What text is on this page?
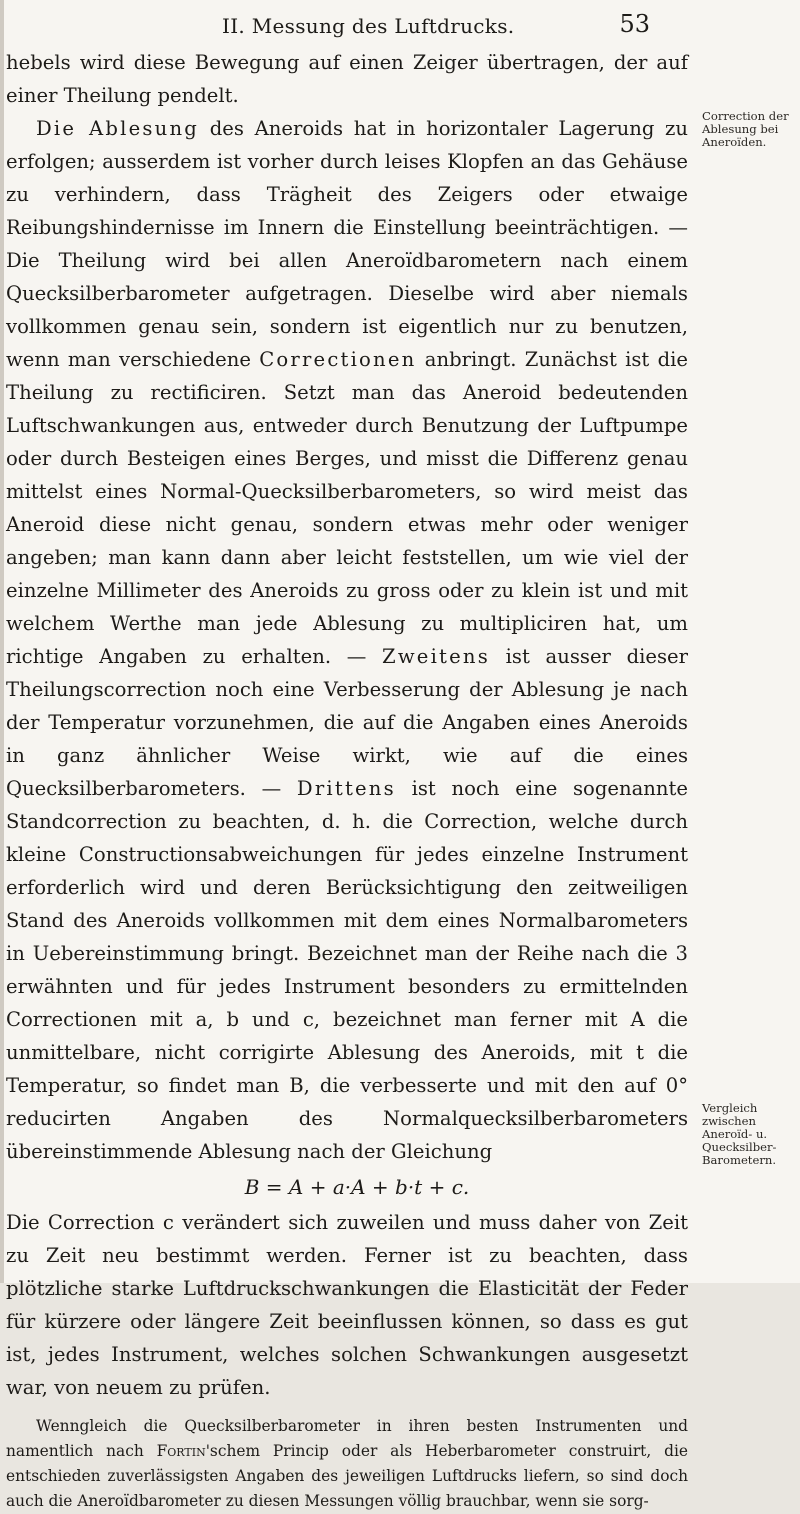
II. Messung des Luftdrucks.	53

hebels wird diese Bewegung auf einen Zeiger übertragen, der auf einer Theilung pendelt.

Die Ablesung des Aneroids hat in horizontaler Lagerung zu erfolgen; ausserdem ist vorher durch leises Klopfen an das Gehäuse zu verhindern, dass Trägheit des Zeigers oder etwaige Reibungshindernisse im Innern die Einstellung beeinträchtigen. — Die Theilung wird bei allen Aneroïdbarometern nach einem Quecksilberbarometer aufgetragen. Dieselbe wird aber niemals vollkommen genau sein, sondern ist eigentlich nur zu benutzen, wenn man verschiedene Correctionen anbringt. Zunächst ist die Theilung zu rectificiren. Setzt man das Aneroid bedeutenden Luftschwankungen aus, entweder durch Benutzung der Luftpumpe oder durch Besteigen eines Berges, und misst die Differenz genau mittelst eines Normal-Quecksilberbarometers, so wird meist das Aneroid diese nicht genau, sondern etwas mehr oder weniger angeben; man kann dann aber leicht feststellen, um wie viel der einzelne Millimeter des Aneroids zu gross oder zu klein ist und mit welchem Werthe man jede Ablesung zu multipliciren hat, um richtige Angaben zu erhalten. — Zweitens ist ausser dieser Theilungscorrection noch eine Verbesserung der Ablesung je nach der Temperatur vorzunehmen, die auf die Angaben eines Aneroids in ganz ähnlicher Weise wirkt, wie auf die eines Quecksilberbarometers. — Drittens ist noch eine sogenannte Standcorrection zu beachten, d. h. die Correction, welche durch kleine Constructionsabweichungen für jedes einzelne Instrument erforderlich wird und deren Berücksichtigung den zeitweiligen Stand des Aneroids vollkommen mit dem eines Normalbarometers in Uebereinstimmung bringt. Bezeichnet man der Reihe nach die 3 erwähnten und für jedes Instrument besonders zu ermittelnden Correctionen mit a, b und c, bezeichnet man ferner mit A die unmittelbare, nicht corrigirte Ablesung des Aneroids, mit t die Temperatur, so findet man B, die verbesserte und mit den auf 0° reducirten Angaben des Normalquecksilberbarometers übereinstimmende Ablesung nach der Gleichung

B = A + a·A + b·t + c.

Die Correction c verändert sich zuweilen und muss daher von Zeit zu Zeit neu bestimmt werden. Ferner ist zu beachten, dass plötzliche starke Luftdruckschwankungen die Elasticität der Feder für kürzere oder längere Zeit beeinflussen können, so dass es gut ist, jedes Instrument, welches solchen Schwankungen ausgesetzt war, von neuem zu prüfen.

Wenngleich die Quecksilberbarometer in ihren besten Instrumenten und namentlich nach Fortin'schem Princip oder als Heberbarometer construirt, die entschieden zuverlässigsten Angaben des jeweiligen Luftdrucks liefern, so sind doch auch die Aneroïdbarometer zu diesen Messungen völlig brauchbar, wenn sie sorg-

Correction der Ablesung bei Aneroïden.
Vergleich zwischen Aneroïd- u. Quecksilber-Barometern.
